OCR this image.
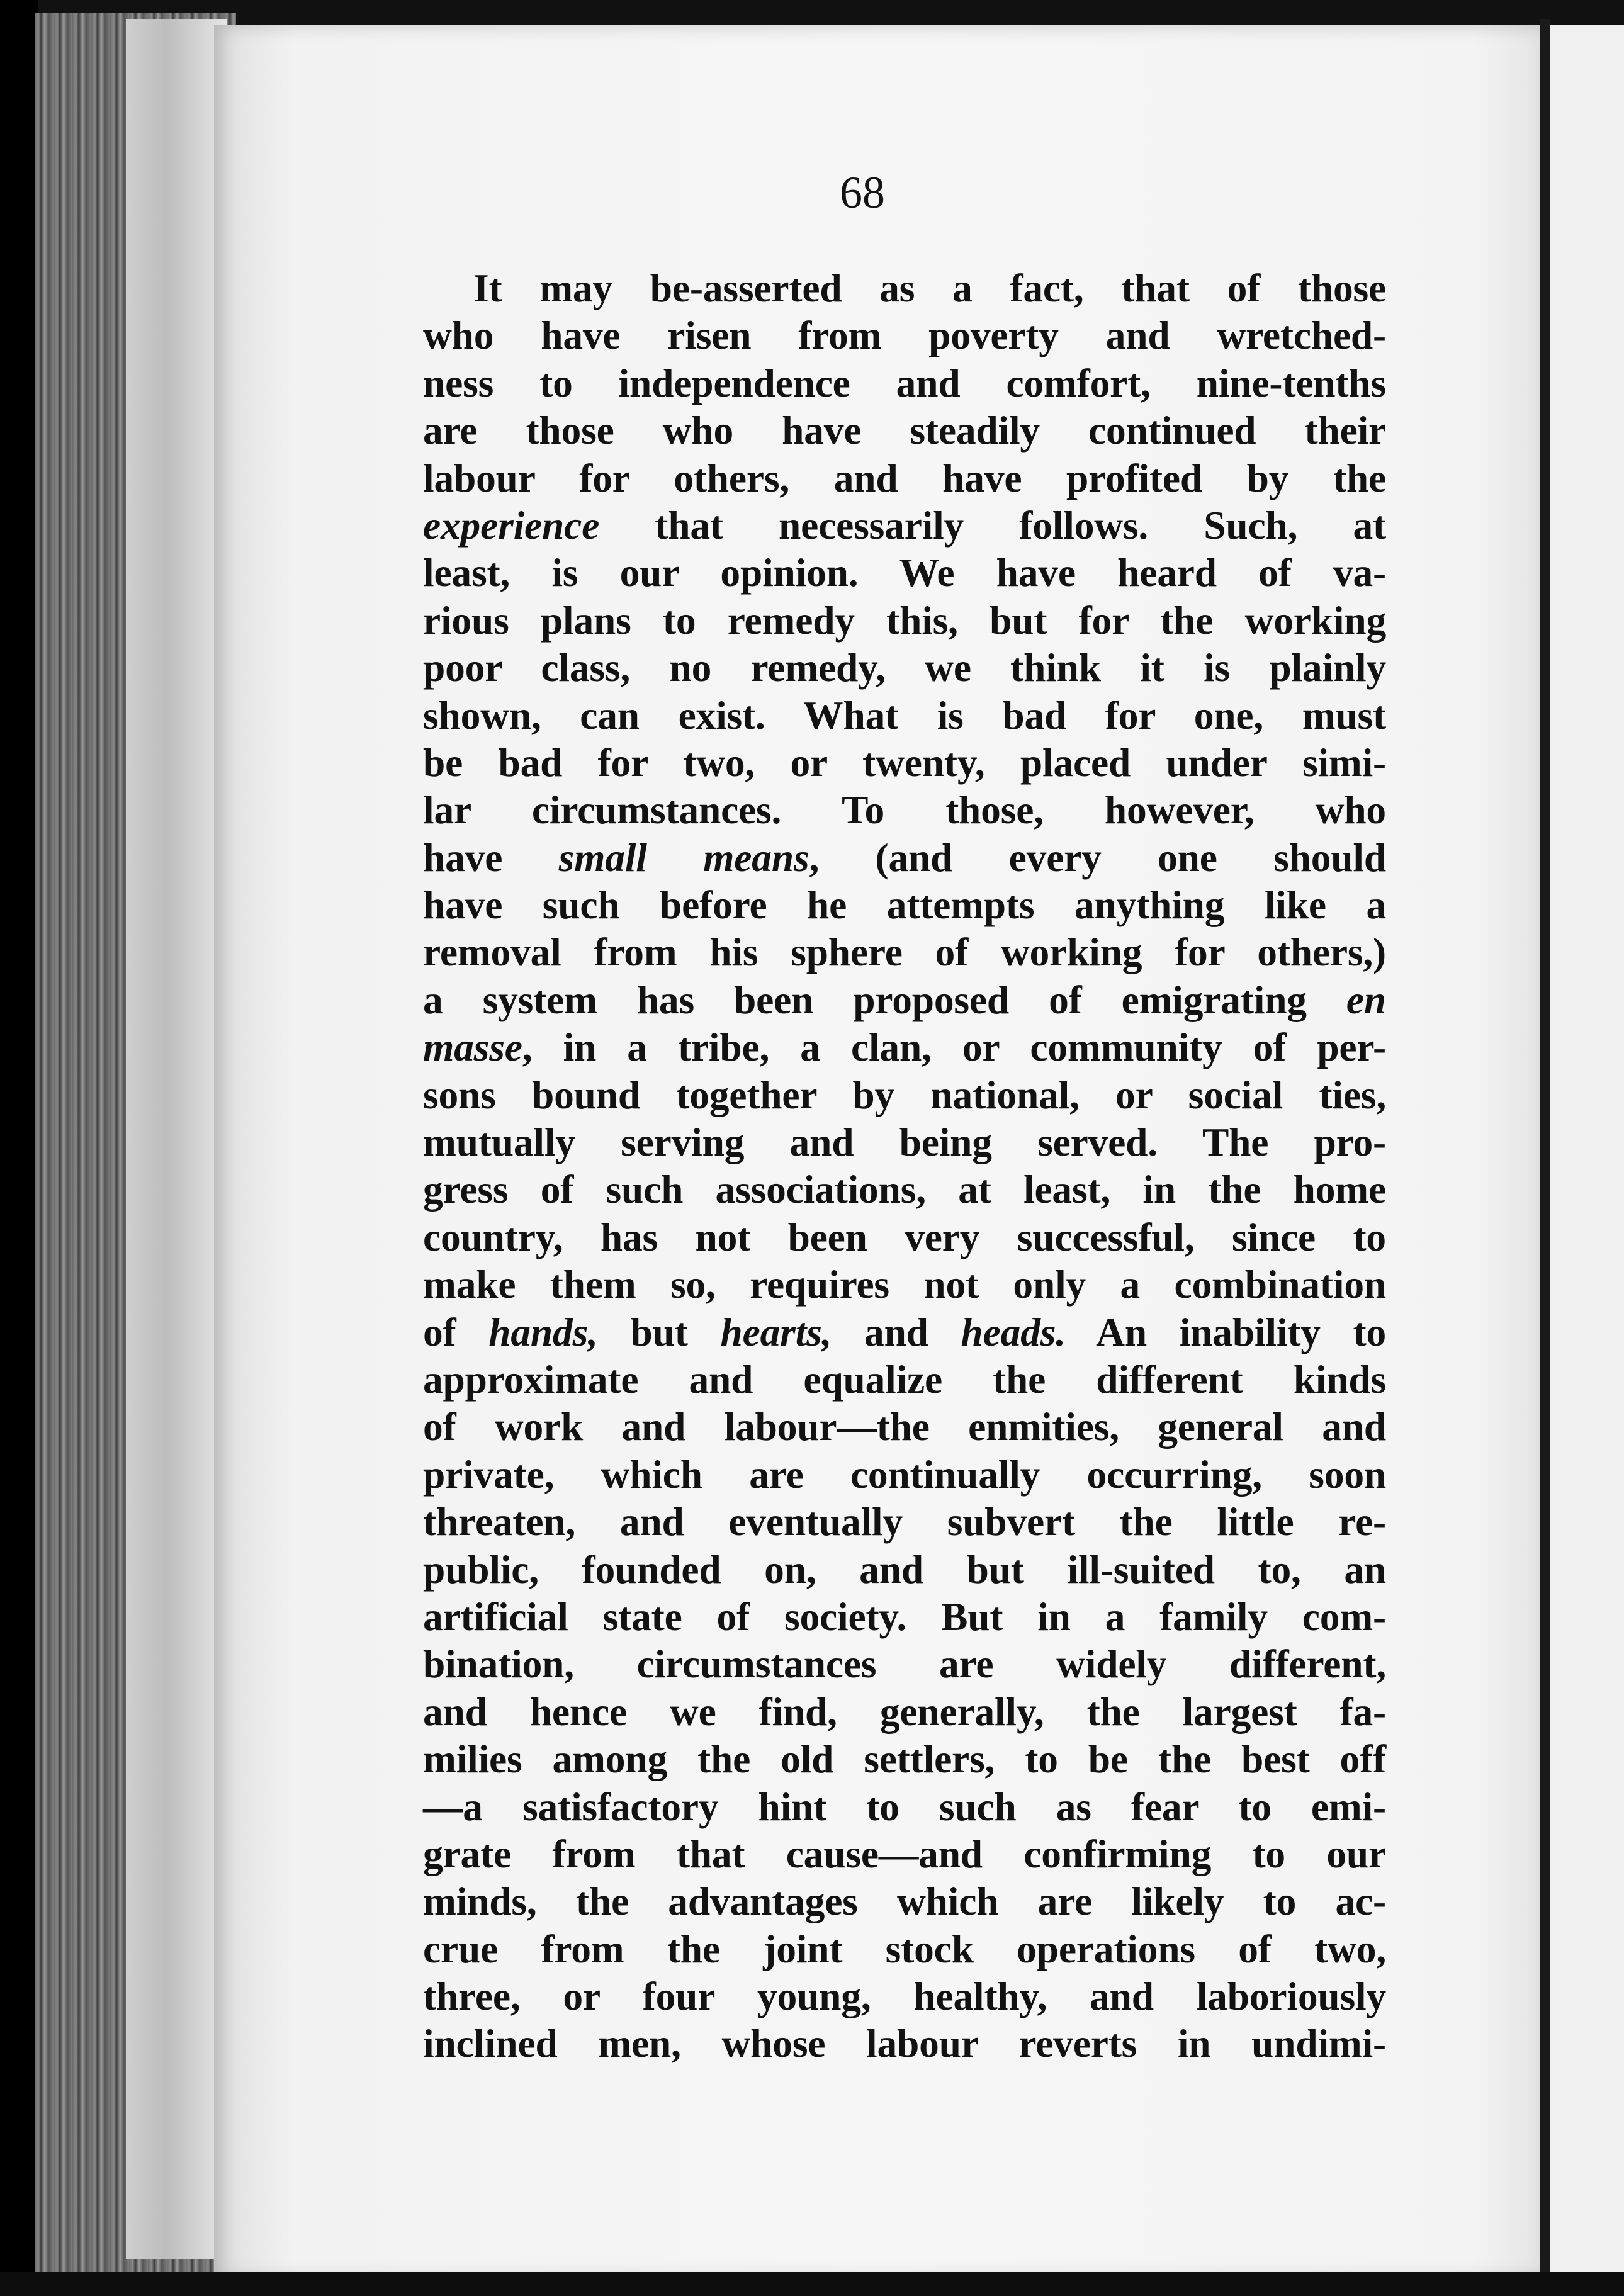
68
It may be-asserted as a fact, that of those
who have risen from poverty and wretched-
ness to independence and comfort, nine-tenths
are those who have steadily continued their
labour for others, and have profited by the
experience that necessarily follows. Such, at
least, is our opinion. We have heard of va-
rious plans to remedy this, but for the working
poor class, no remedy, we think it is plainly
shown, can exist. What is bad for one, must
be bad for two, or twenty, placed under simi-
lar circumstances. To those, however, who
have small means, (and every one should
have such before he attempts anything like a
removal from his sphere of working for others,)
a system has been proposed of emigrating en
masse, in a tribe, a clan, or community of per-
sons bound together by national, or social ties,
mutually serving and being served. The pro-
gress of such associations, at least, in the home
country, has not been very successful, since to
make them so, requires not only a combination
of hands, but hearts, and heads. An inability to
approximate and equalize the different kinds
of work and labour—the enmities, general and
private, which are continually occurring, soon
threaten, and eventually subvert the little re-
public, founded on, and but ill-suited to, an
artificial state of society. But in a family com-
bination, circumstances are widely different,
and hence we find, generally, the largest fa-
milies among the old settlers, to be the best off
—a satisfactory hint to such as fear to emi-
grate from that cause—and confirming to our
minds, the advantages which are likely to ac-
crue from the joint stock operations of two,
three, or four young, healthy, and laboriously
inclined men, whose labour reverts in undimi-
